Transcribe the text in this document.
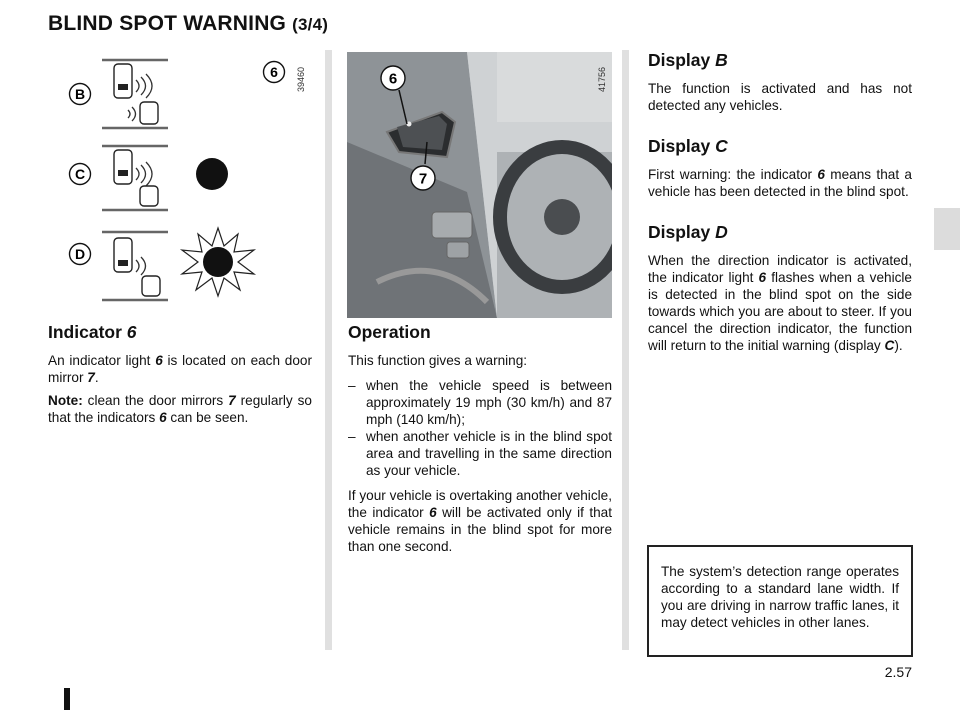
BLIND SPOT WARNING (3/4)
B
C
D
6 39460	6
7
41756
Indicator 6

An indicator light 6 is located on each door mirror 7.

Note: clean the door mirrors 7 regularly so that the indicators 6 can be seen.

Operation

This function gives a warning:

– when the vehicle speed is between approximately 19 mph (30 km/h) and 87 mph (140 km/h);
– when another vehicle is in the blind spot area and travelling in the same direction as your vehicle.

If your vehicle is overtaking another vehicle, the indicator 6 will be activated only if that vehicle remains in the blind spot for more than one second.

Display B

The function is activated and has not detected any vehicles.

Display C

First warning: the indicator 6 means that a vehicle has been detected in the blind spot.

Display D

When the direction indicator is activated, the indicator light 6 flashes when a vehicle is detected in the blind spot on the side towards which you are about to steer. If you cancel the direction indicator, the function will return to the initial warning (display C).

The system’s detection range operates according to a standard lane width. If you are driving in narrow traffic lanes, it may detect vehicles in other lanes.

2.57
